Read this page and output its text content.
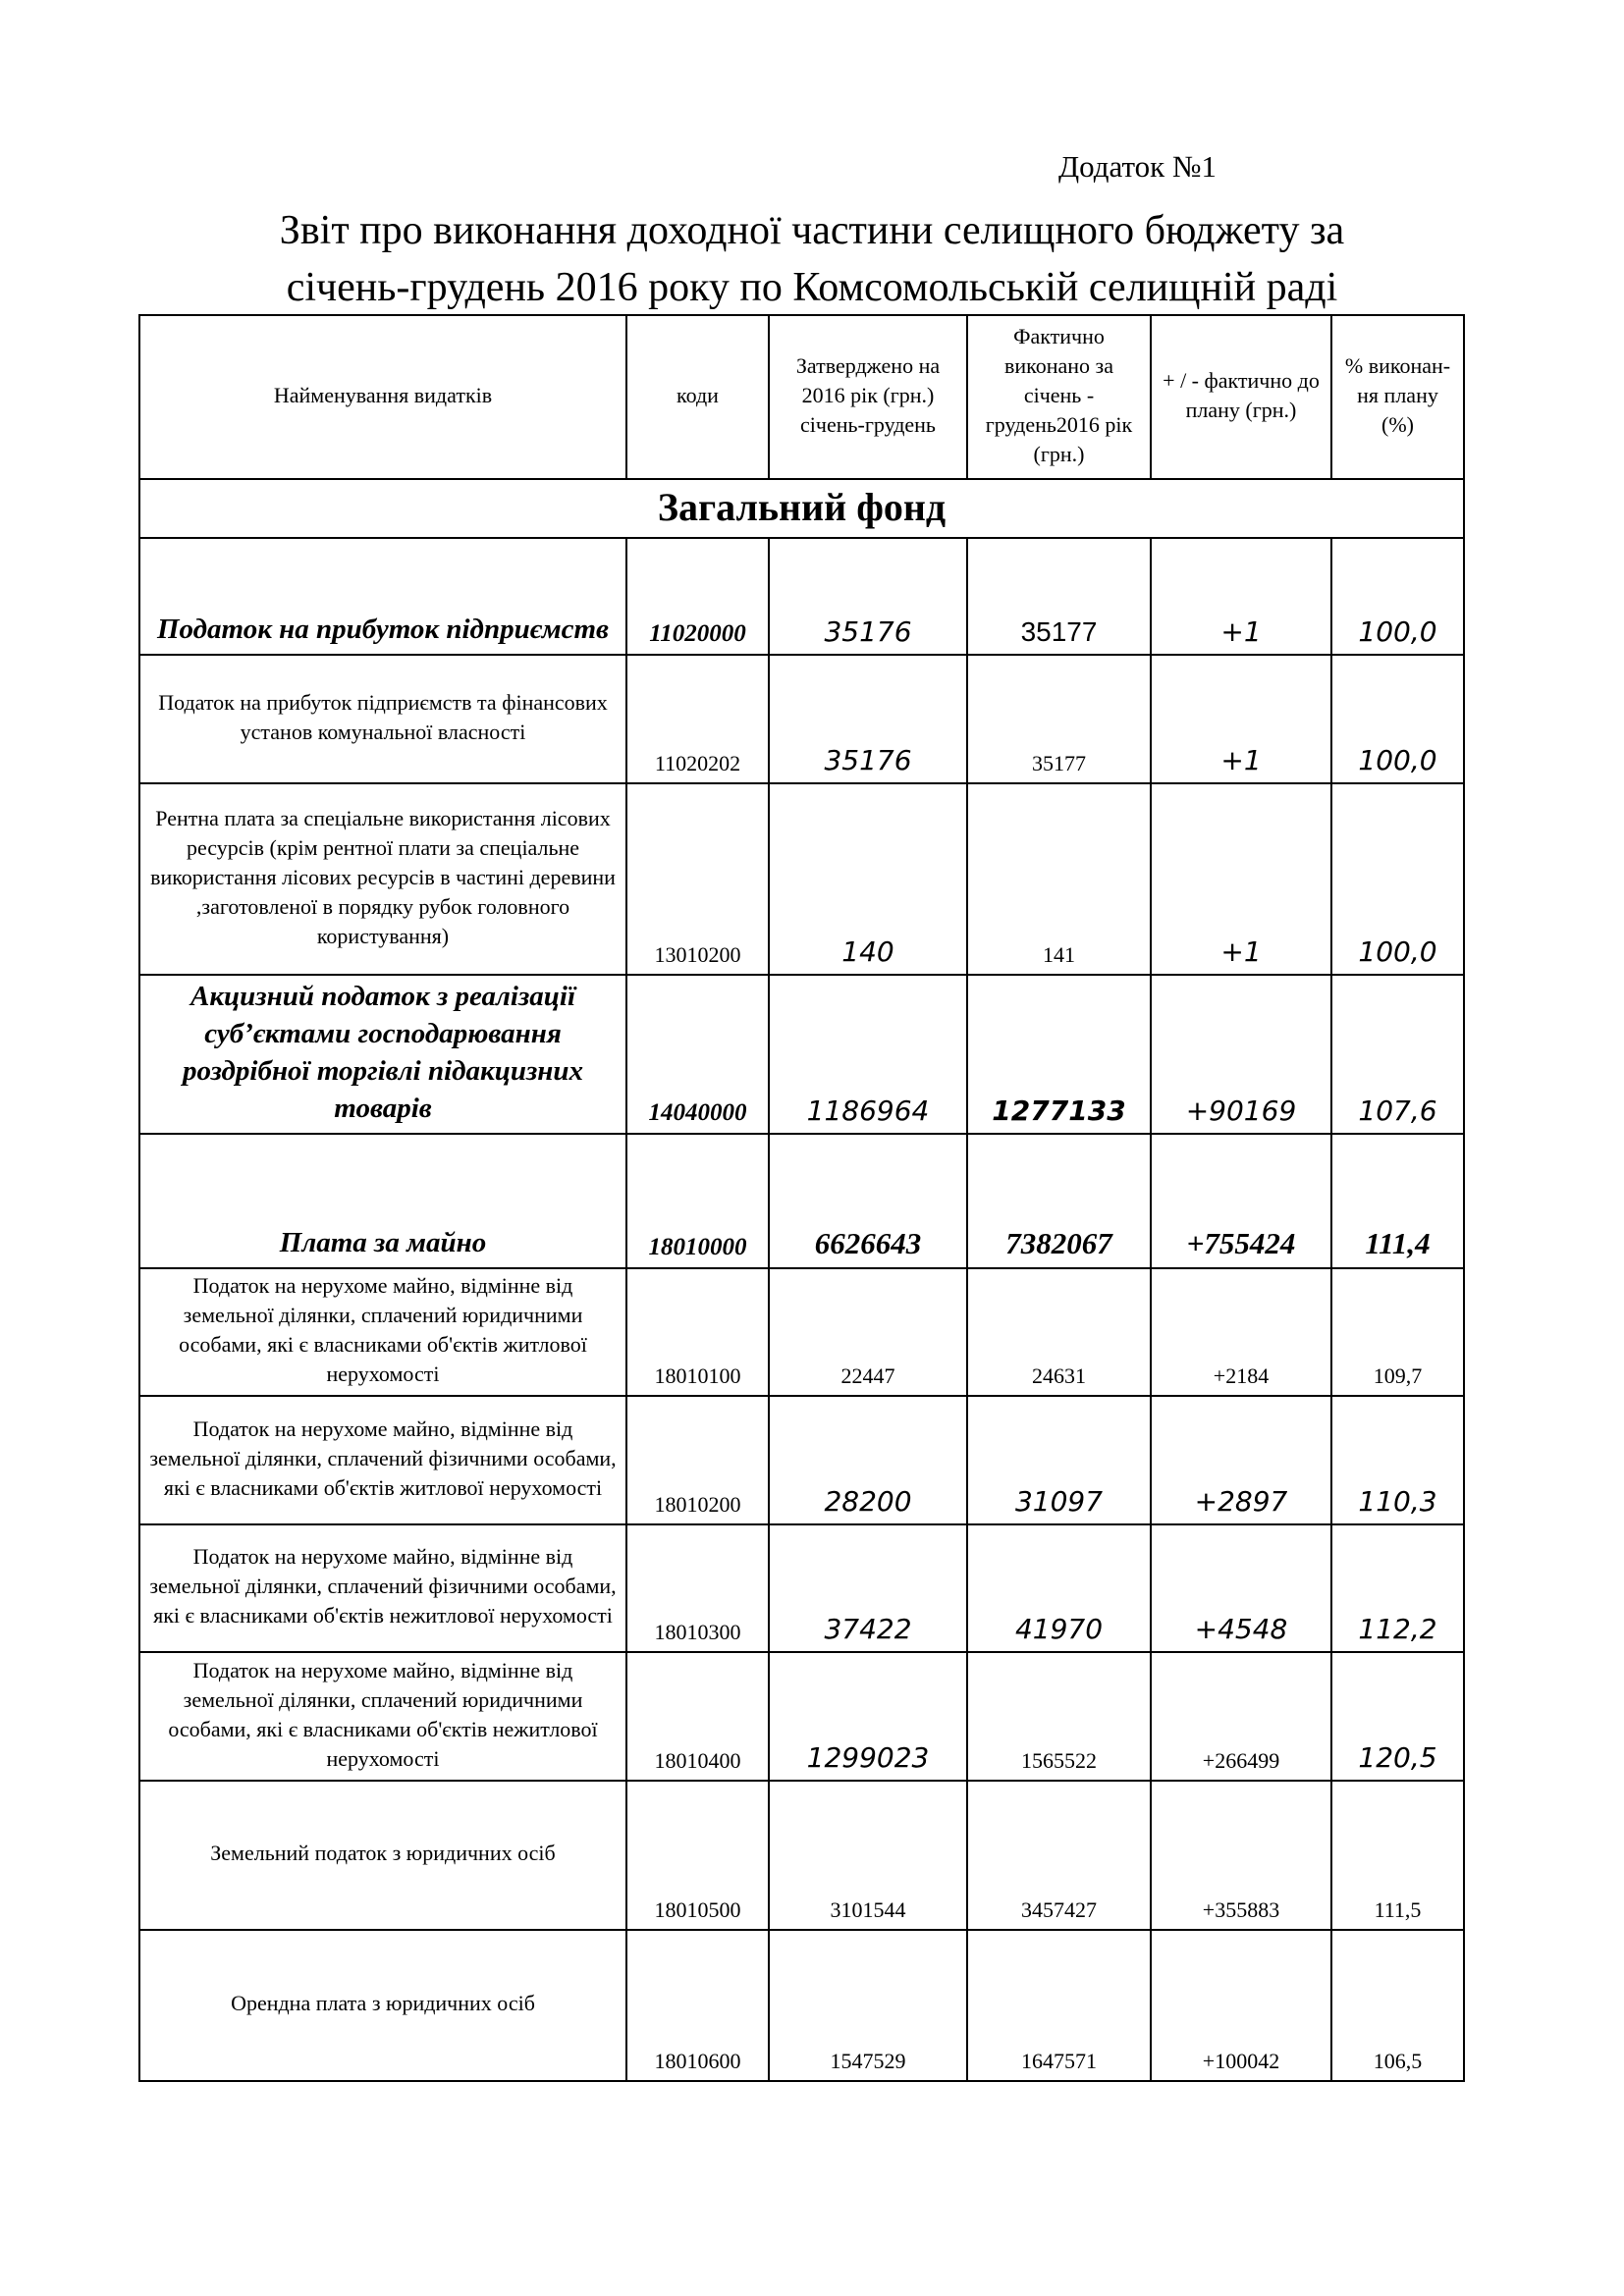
Додаток №1
Звіт про виконання доходної частини селищного бюджету за
січень-грудень 2016 року по Комсомольській селищній раді
Найменування видатків	коди	Затверджено на 2016 рік (грн.) січень-грудень	Фактично виконано за січень - грудень2016 рік (грн.)	+ / - фактично до плану (грн.)	% виконан-ня плану (%)
Загальний фонд					
Податок на прибуток підприємств	11020000	35176	35177	+1	100,0
Податок на прибуток підприємств та фінансових установ комунальної власності	11020202	35176	35177	+1	100,0
Рентна плата за спеціальне використання лісових ресурсів (крім рентної плати за спеціальне використання лісових ресурсів в частині деревини ,заготовленої в порядку рубок головного користування)	13010200	140	141	+1	100,0
Акцизний податок з реалізації суб’єктами господарювання роздрібної торгівлі підакцизних товарів	14040000	1186964	1277133	+90169	107,6
Плата за майно	18010000	6626643	7382067	+755424	111,4
Податок на нерухоме майно, відмінне від земельної ділянки, сплачений юридичними особами, які є власниками об'єктів житлової нерухомості	18010100	22447	24631	+2184	109,7
Податок на нерухоме майно, відмінне від земельної ділянки, сплачений фізичними особами, які є власниками об'єктів житлової нерухомості	18010200	28200	31097	+2897	110,3
Податок на нерухоме майно, відмінне від земельної ділянки, сплачений фізичними особами, які є власниками об'єктів нежитлової нерухомості	18010300	37422	41970	+4548	112,2
Податок на нерухоме майно, відмінне від земельної ділянки, сплачений юридичними особами, які є власниками об'єктів нежитлової нерухомості	18010400	1299023	1565522	+266499	120,5
Земельний податок з юридичних осіб	18010500	3101544	3457427	+355883	111,5
Орендна плата з юридичних осіб	18010600	1547529	1647571	+100042	106,5
